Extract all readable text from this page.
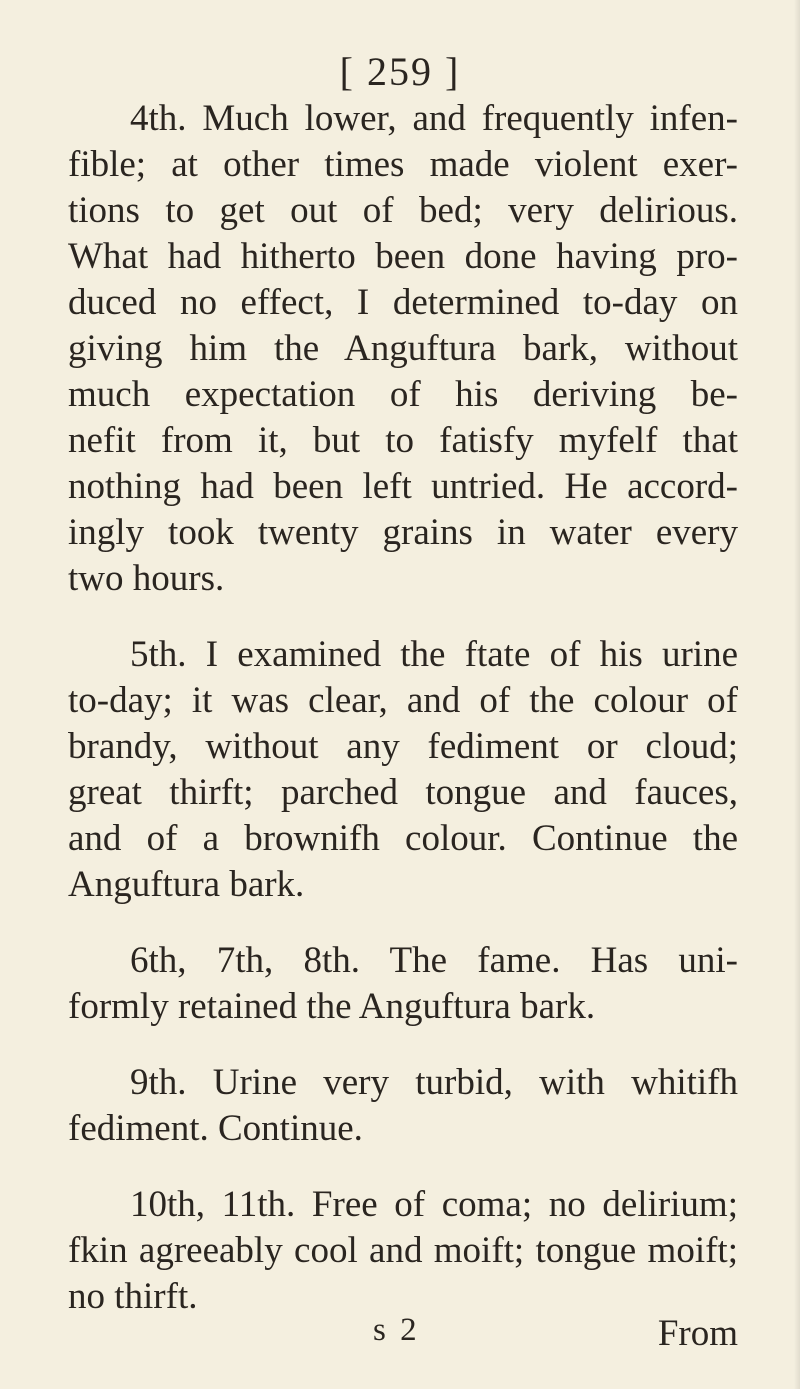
[ 259 ]
4th. Much lower, and frequently infen-
fible; at other times made violent exer-
tions to get out of bed; very delirious.
What had hitherto been done having pro-
duced no effect, I determined to-day on
giving him the Anguftura bark, without
much expectation of his deriving be-
nefit from it, but to fatisfy myfelf that
nothing had been left untried. He accord-
ingly took twenty grains in water every
two hours.
5th. I examined the ftate of his urine
to-day; it was clear, and of the colour of
brandy, without any fediment or cloud;
great thirft; parched tongue and fauces,
and of a brownifh colour. Continue the
Anguftura bark.
6th, 7th, 8th. The fame. Has uni-
formly retained the Anguftura bark.
9th. Urine very turbid, with whitifh
fediment. Continue.
10th, 11th. Free of coma; no delirium;
fkin agreeably cool and moift; tongue moift;
no thirft.
s 2	From
